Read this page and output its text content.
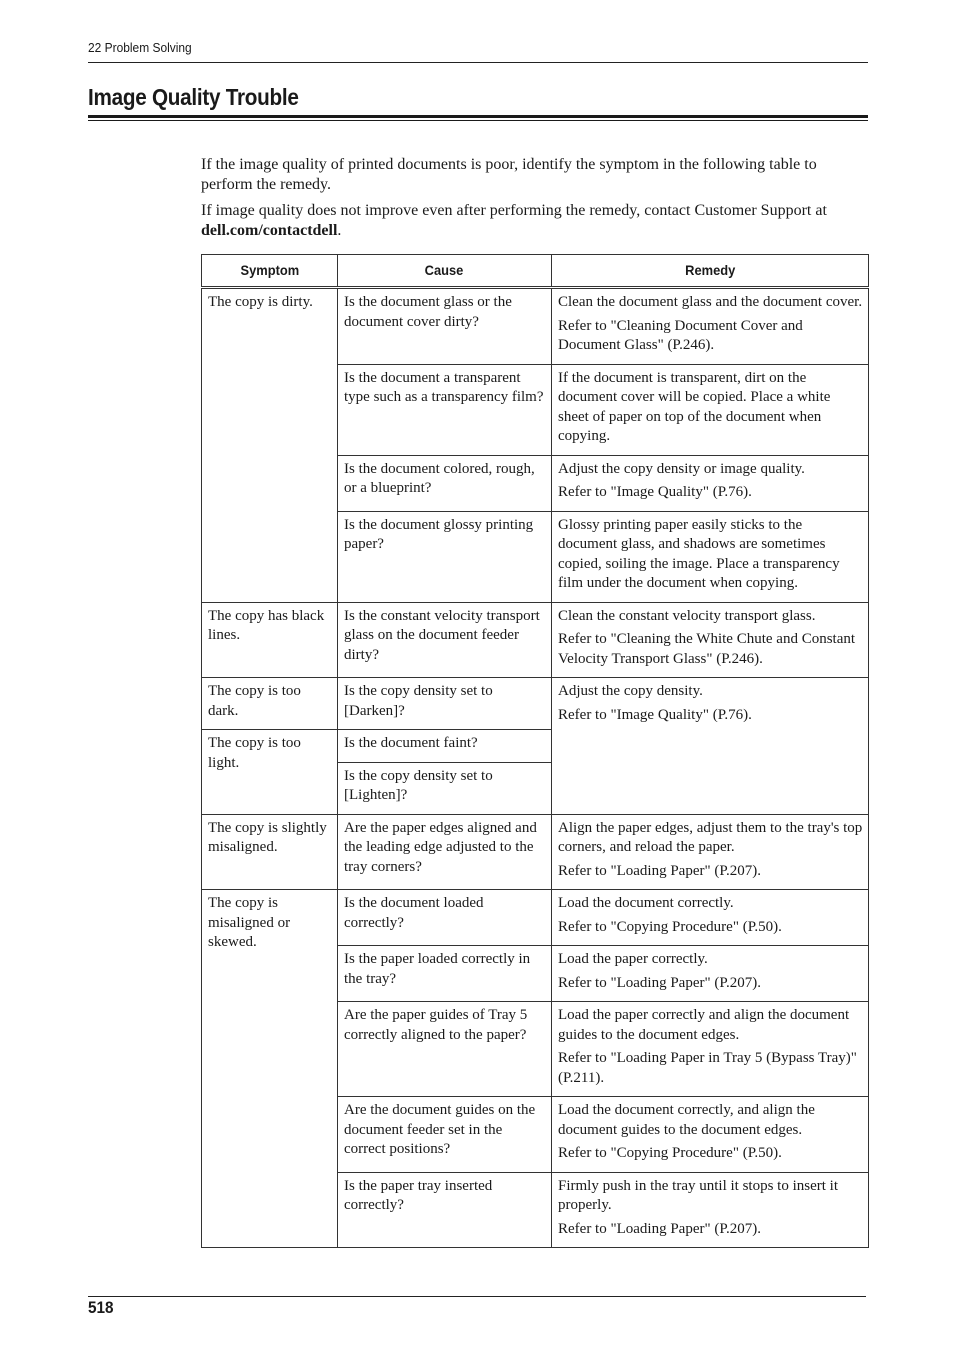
22 Problem Solving
Image Quality Trouble

If the image quality of printed documents is poor, identify the symptom in the following table to perform the remedy.

If image quality does not improve even after performing the remedy, contact Customer Support at dell.com/contactdell.

Symptom	Cause	Remedy
The copy is dirty.	Is the document glass or the document cover dirty?	Clean the document glass and the document cover.
Refer to "Cleaning Document Cover and Document Glass" (P.246).

	Is the document a transparent type such as a transparency film?	If the document is transparent, dirt on the document cover will be copied. Place a white sheet of paper on top of the document when copying.

	Is the document colored, rough, or a blueprint?	Adjust the copy density or image quality.
Refer to "Image Quality" (P.76).

	Is the document glossy printing paper?	Glossy printing paper easily sticks to the document glass, and shadows are sometimes copied, soiling the image. Place a transparency film under the document when copying.

The copy has black lines.	Is the constant velocity transport glass on the document feeder dirty?	Clean the constant velocity transport glass.
Refer to "Cleaning the White Chute and Constant Velocity Transport Glass" (P.246).

The copy is too dark.	Is the copy density set to [Darken]?	Adjust the copy density.
Refer to "Image Quality" (P.76).

The copy is too light.	Is the document faint?	
	Is the copy density set to [Lighten]?	
The copy is slightly misaligned.	Are the paper edges aligned and the leading edge adjusted to the tray corners?	Align the paper edges, adjust them to the tray's top corners, and reload the paper.
Refer to "Loading Paper" (P.207).

The copy is misaligned or skewed.	Is the document loaded correctly?	Load the document correctly.
Refer to "Copying Procedure" (P.50).

	Is the paper loaded correctly in the tray?	Load the paper correctly.
Refer to "Loading Paper" (P.207).

	Are the paper guides of Tray 5 correctly aligned to the paper?	Load the paper correctly and align the document guides to the document edges.
Refer to "Loading Paper in Tray 5 (Bypass Tray)" (P.211).

	Are the document guides on the document feeder set in the correct positions?	Load the document correctly, and align the document guides to the document edges.
Refer to "Copying Procedure" (P.50).

	Is the paper tray inserted correctly?	Firmly push in the tray until it stops to insert it properly.
Refer to "Loading Paper" (P.207).
518
